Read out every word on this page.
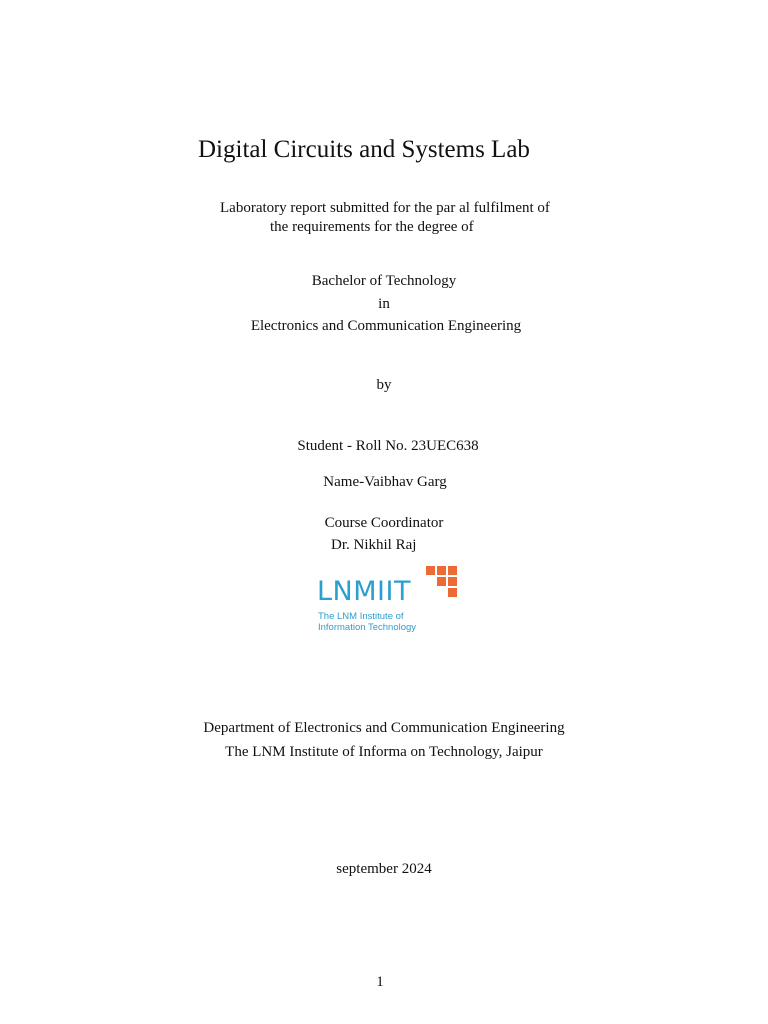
Digital Circuits and Systems Lab
Laboratory report submitted for the par al fulfilment of
the requirements for the degree of
Bachelor of Technology
in
Electronics and Communication Engineering
by
Student - Roll No. 23UEC638
Name-Vaibhav Garg
Course Coordinator
Dr. Nikhil Raj
LNMIIT
The LNM Institute of
Information Technology
Department of Electronics and Communication Engineering
The LNM Institute of Informa on Technology, Jaipur
september 2024
1
